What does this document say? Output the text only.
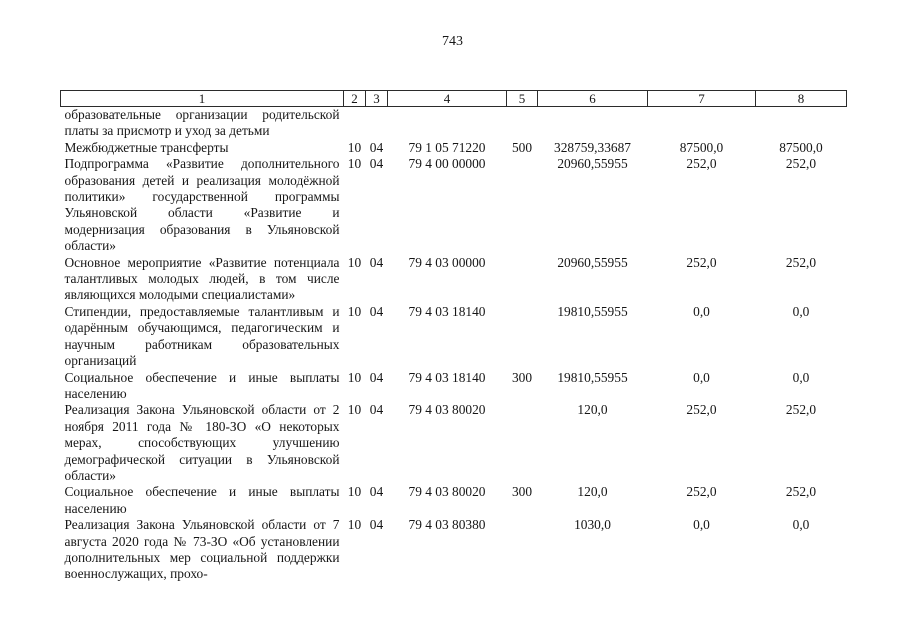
743
1	2	3	4	5	6	7	8
образовательные организации родительской платы за присмотр и уход за детьми							
Межбюджетные трансферты	10	04	79 1 05 71220	500	328759,33687	87500,0	87500,0
Подпрограмма «Развитие дополнительного образования детей и реализация молодёжной политики» государственной программы Ульяновской области «Развитие и модернизация образования в Ульяновской области»	10	04	79 4 00 00000		20960,55955	252,0	252,0
Основное мероприятие «Развитие потенциала талантливых молодых людей, в том числе являющихся молодыми специалистами»	10	04	79 4 03 00000		20960,55955	252,0	252,0
Стипендии, предоставляемые талантливым и одарённым обучающимся, педагогическим и научным работникам образовательных организаций	10	04	79 4 03 18140		19810,55955	0,0	0,0
Социальное обеспечение и иные выплаты населению	10	04	79 4 03 18140	300	19810,55955	0,0	0,0
Реализация Закона Ульяновской области от 2 ноября 2011 года № 180-ЗО «О некоторых мерах, способствующих улучшению демографической ситуации в Ульяновской области»	10	04	79 4 03 80020		120,0	252,0	252,0
Социальное обеспечение и иные выплаты населению	10	04	79 4 03 80020	300	120,0	252,0	252,0
Реализация Закона Ульяновской области от 7 августа 2020 года № 73-ЗО «Об установлении дополнительных мер социальной поддержки военнослужащих, прохо-	10	04	79 4 03 80380		1030,0	0,0	0,0
